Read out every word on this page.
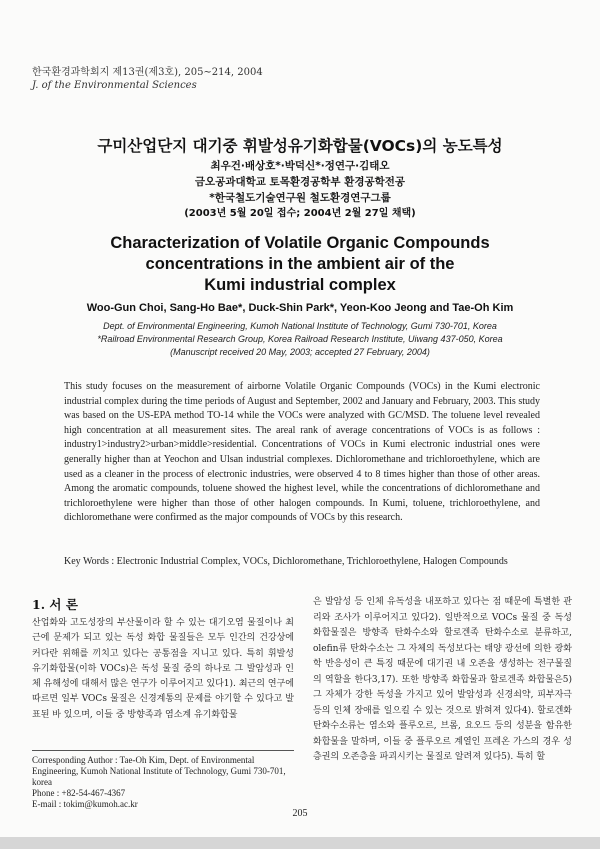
한국환경과학회지 제13권(제3호), 205∼214, 2004
J. of the Environmental Sciences
구미산업단지 대기중 휘발성유기화합물(VOCs)의 농도특성
최우건·배상호*·박덕신*·정연구·김태오
금오공과대학교 토목환경공학부 환경공학전공
*한국철도기술연구원 철도환경연구그룹
(2003년 5월 20일 접수; 2004년 2월 27일 채택)
Characterization of Volatile Organic Compounds
concentrations in the ambient air of the
Kumi industrial complex
Woo-Gun Choi, Sang-Ho Bae*, Duck-Shin Park*, Yeon-Koo Jeong and Tae-Oh Kim
Dept. of Environmental Engineering, Kumoh National Institute of Technology, Gumi 730-701, Korea
*Railroad Environmental Research Group, Korea Railroad Research Institute, Uiwang 437-050, Korea
(Manuscript received 20 May, 2003; accepted 27 February, 2004)

This study focuses on the measurement of airborne Volatile Organic Compounds (VOCs) in the Kumi electronic industrial complex during the time periods of August and September, 2002 and January and February, 2003. This study was based on the US-EPA method TO-14 while the VOCs were analyzed with GC/MSD. The toluene level revealed high concentration at all measurement sites. The areal rank of average concentrations of VOCs is as follows : industry1>industry2>urban>middle>residential. Concentrations of VOCs in Kumi electronic industrial ones were generally higher than at Yeochon and Ulsan industrial complexes. Dichloromethane and trichloroethylene, which are used as a cleaner in the process of electronic industries, were observed 4 to 8 times higher than those of other areas. Among the aromatic compounds, toluene showed the highest level, while the concentrations of dichloromethane and trichloroethylene were higher than those of other halogen compounds. In Kumi, toluene, trichloroethylene, and dichloromethane were confirmed as the major compounds of VOCs by this research.

Key Words : Electronic Industrial Complex, VOCs, Dichloromethane, Trichloroethylene, Halogen Compounds
1. 서 론

산업화와 고도성장의 부산물이라 할 수 있는 대기오염 물질이나 최근에 문제가 되고 있는 독성 화합 물질들은 모두 인간의 건강상에 커다란 위해를 끼치고 있다는 공통점을 지니고 있다. 특히 휘발성 유기화합물(이하 VOCs)은 독성 물질 중의 하나로 그 발암성과 인체 유해성에 대해서 많은 연구가 이루어지고 있다1). 최근의 연구에 따르면 일부 VOCs 물질은 신경계통의 문제를 야기할 수 있다고 발표된 바 있으며, 이들 중 방향족과 염소계 유기화합물

은 발암성 등 인체 유독성을 내포하고 있다는 점 때문에 특별한 관리와 조사가 이루어지고 있다2). 일반적으로 VOCs 물질 중 독성화합물질은 방향족 탄화수소와 할로겐족 탄화수소로 분류하고, olefin류 탄화수소는 그 자체의 독성보다는 태양 광선에 의한 광화학 반응성이 큰 특징 때문에 대기권 내 오존을 생성하는 전구물질의 역할을 한다3,17). 또한 방향족 화합물과 할로겐족 화합물은5) 그 자체가 강한 독성을 가지고 있어 발암성과 신경쇠약, 피부자극 등의 인체 장애를 일으킬 수 있는 것으로 밝혀져 있다4). 할로겐화 탄화수소류는 염소와 플루오르, 브롬, 요오드 등의 성분을 함유한 화합물을 말하며, 이들 중 플루오르 계열인 프레온 가스의 경우 성층권의 오존층을 파괴시키는 물질로 알려져 있다5). 특히 할

Corresponding Author : Tae-Oh Kim, Dept. of Environmental Engineering, Kumoh National Institute of Technology, Gumi 730-701, korea
Phone : +82-54-467-4367
E-mail : tokim@kumoh.ac.kr
205
